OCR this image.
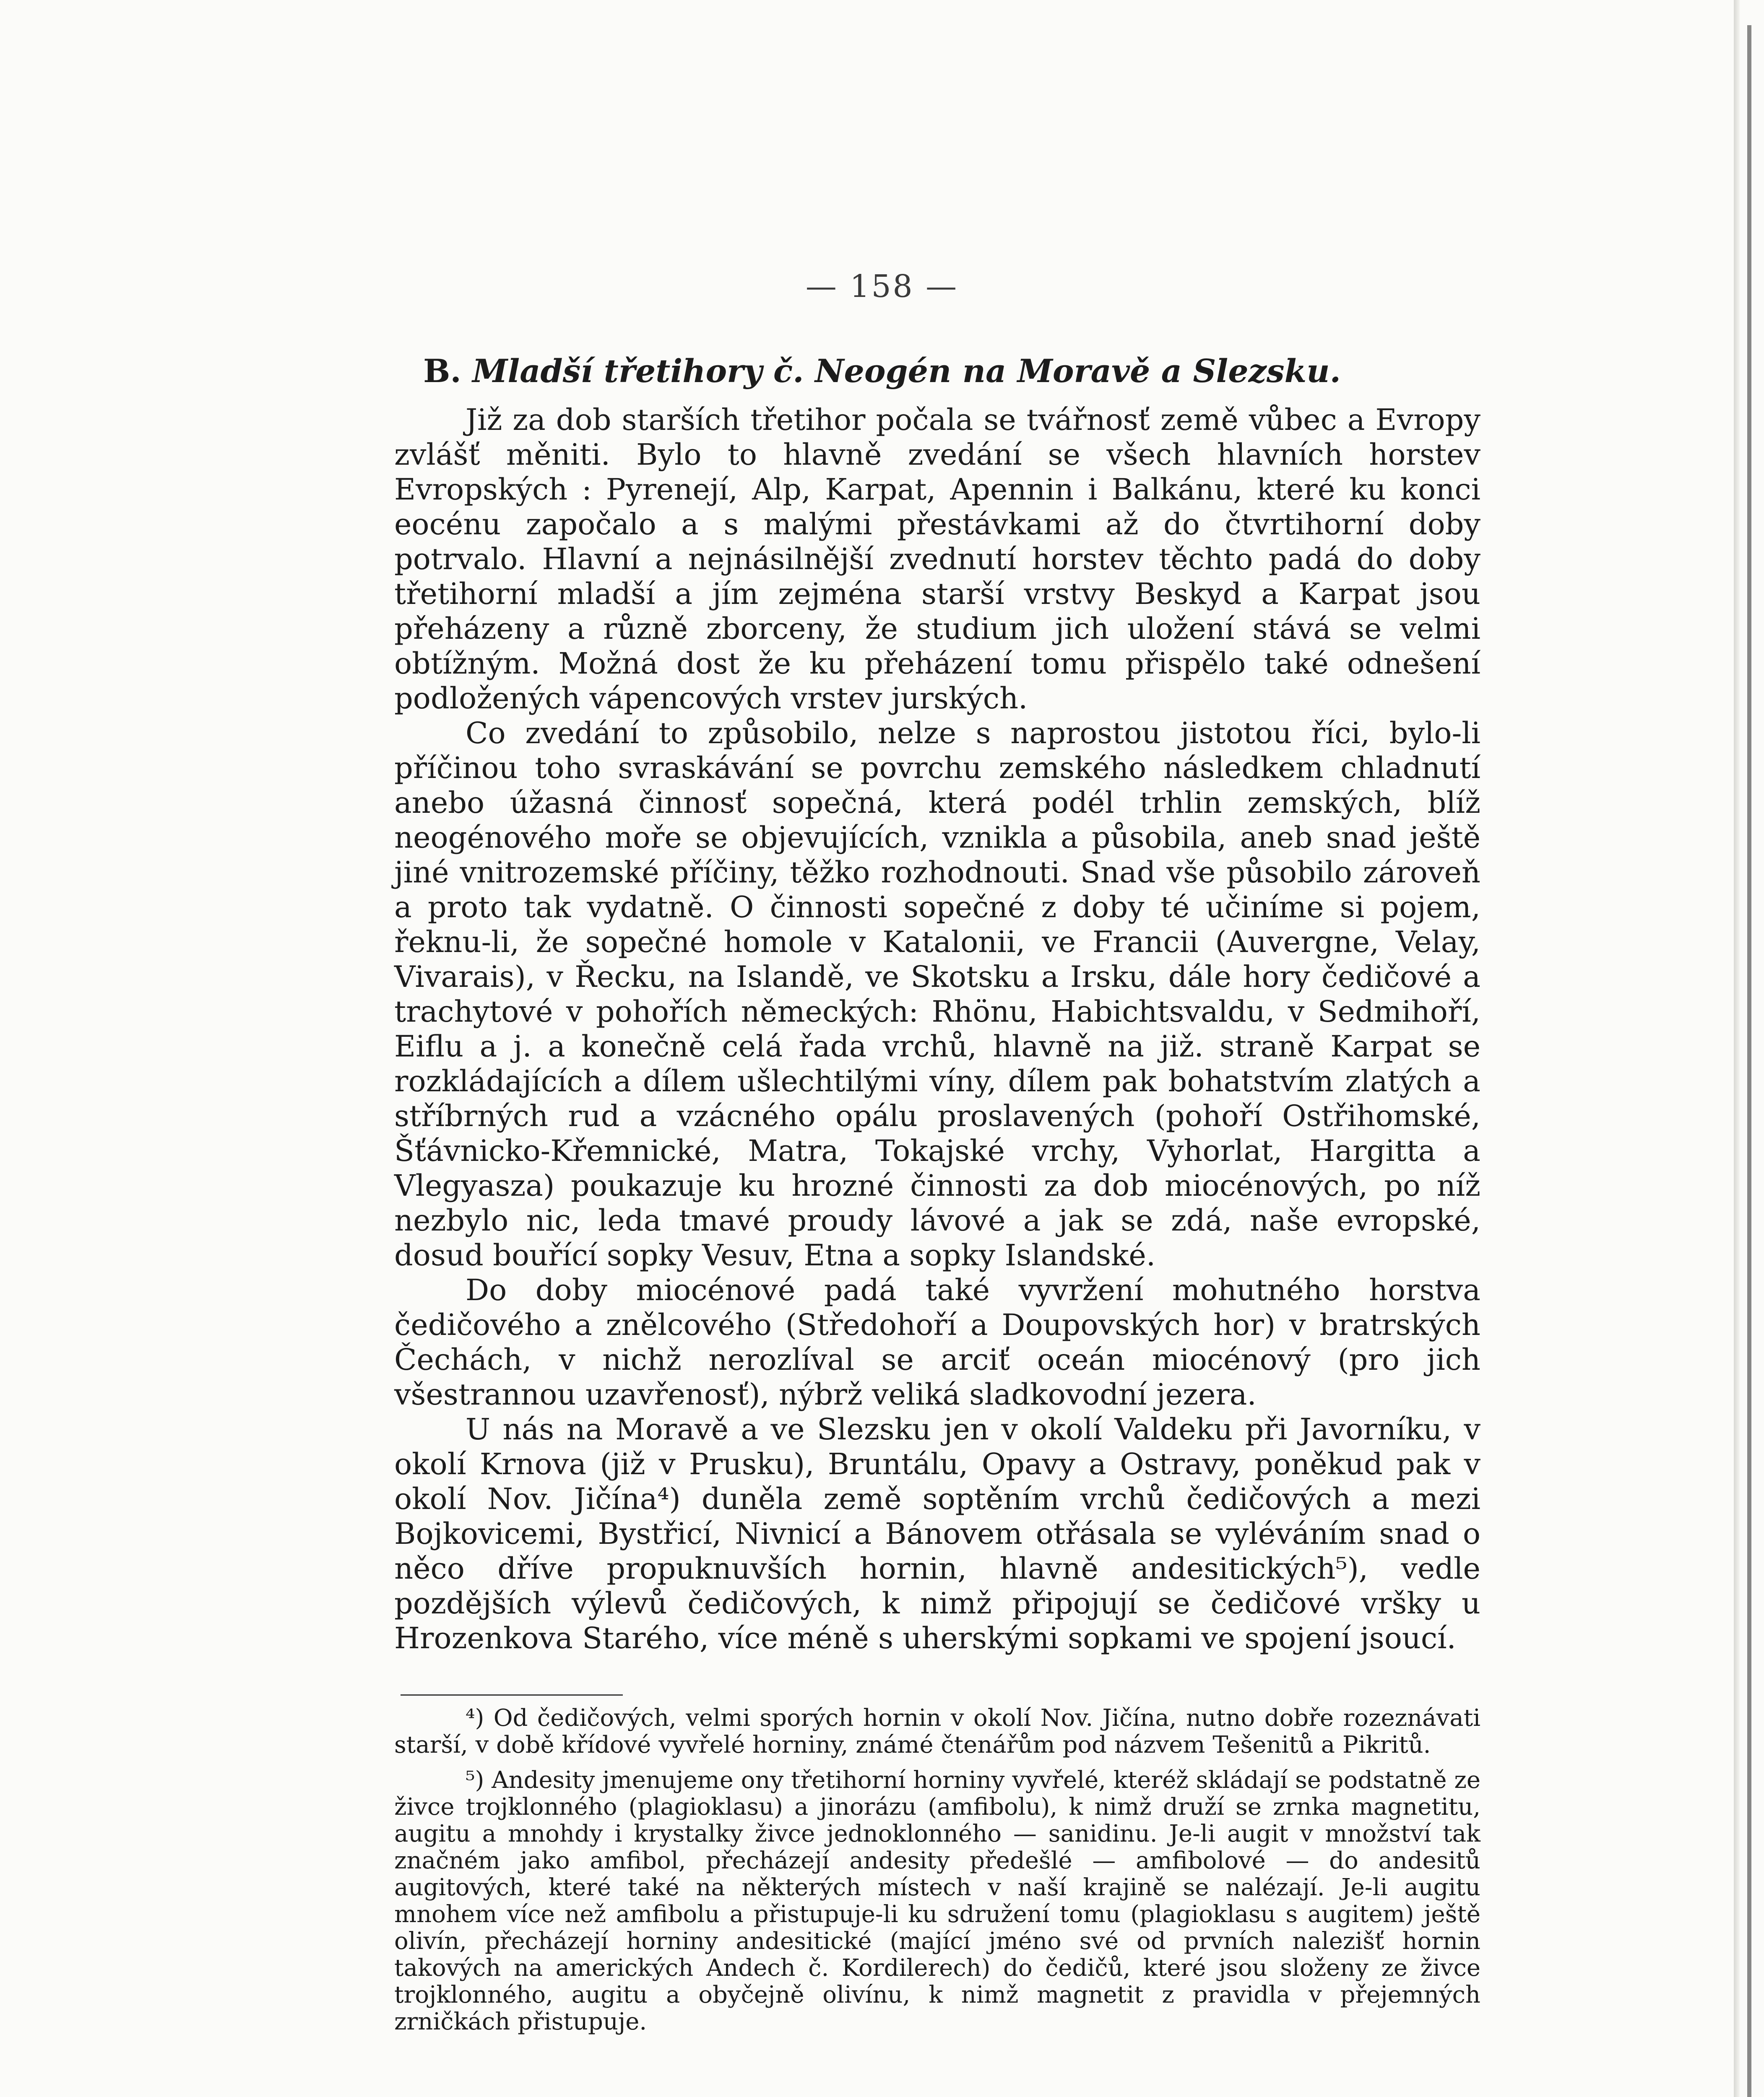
— 158 —
B. Mladší třetihory č. Neogén na Moravě a Slezsku.

Již za dob starších třetihor počala se tvářnosť země vůbec a Evropy zvlášť měniti. Bylo to hlavně zvedání se všech hlavních horstev Evropských : Pyrenejí, Alp, Karpat, Apennin i Balkánu, které ku konci eocénu započalo a s malými přestávkami až do čtvrtihorní doby potrvalo. Hlavní a nejnásilnější zvednutí horstev těchto padá do doby třetihorní mladší a jím zejména starší vrstvy Beskyd a Karpat jsou přeházeny a různě zborceny, že studium jich uložení stává se velmi obtížným. Možná dost že ku přeházení tomu přispělo také odnešení podložených vápencových vrstev jurských.

Co zvedání to způsobilo, nelze s naprostou jistotou říci, bylo-li příčinou toho svraskávání se povrchu zemského následkem chladnutí anebo úžasná činnosť sopečná, která podél trhlin zemských, blíž neogénového moře se objevujících, vznikla a působila, aneb snad ještě jiné vnitrozemské příčiny, těžko rozhodnouti. Snad vše působilo zároveň a proto tak vydatně. O činnosti sopečné z doby té učiníme si pojem, řeknu-li, že sopečné homole v Katalonii, ve Francii (Auvergne, Velay, Vivarais), v Řecku, na Islandě, ve Skotsku a Irsku, dále hory čedičové a trachytové v pohořích německých: Rhönu, Habichtsvaldu, v Sedmihoří, Eiflu a j. a konečně celá řada vrchů, hlavně na již. straně Karpat se rozkládajících a dílem ušlechtilými víny, dílem pak bohatstvím zlatých a stříbrných rud a vzácného opálu proslavených (pohoří Ostřihomské, Šťávnicko-Křemnické, Matra, Tokajské vrchy, Vyhorlat, Hargitta a Vlegyasza) poukazuje ku hrozné činnosti za dob miocénových, po níž nezbylo nic, leda tmavé proudy lávové a jak se zdá, naše evropské, dosud bouřící sopky Vesuv, Etna a sopky Islandské.

Do doby miocénové padá také vyvržení mohutného horstva čedičového a znělcového (Středohoří a Doupovských hor) v bratrských Čechách, v nichž nerozlíval se arciť oceán miocénový (pro jich všestrannou uzavřenosť), nýbrž veliká sladkovodní jezera.

U nás na Moravě a ve Slezsku jen v okolí Valdeku při Javorníku, v okolí Krnova (již v Prusku), Bruntálu, Opavy a Ostravy, poněkud pak v okolí Nov. Jičína⁴) duněla země soptěním vrchů čedičových a mezi Bojkovicemi, Bystřicí, Nivnicí a Bánovem otřásala se vyléváním snad o něco dříve propuknuvších hornin, hlavně andesitických⁵), vedle pozdějších výlevů čedičových, k nimž připojují se čedičové vršky u Hrozenkova Starého, více méně s uherskými sopkami ve spojení jsoucí.

⁴) Od čedičových, velmi sporých hornin v okolí Nov. Jičína, nutno dobře rozeznávati starší, v době křídové vyvřelé horniny, známé čtenářům pod názvem Tešenitů a Pikritů.

⁵) Andesity jmenujeme ony třetihorní horniny vyvřelé, kteréž skládají se podstatně ze živce trojklonného (plagioklasu) a jinorázu (amfibolu), k nimž druží se zrnka magnetitu, augitu a mnohdy i krystalky živce jednoklonného — sanidinu. Je-li augit v množství tak značném jako amfibol, přecházejí andesity předešlé — amfibolové — do andesitů augitových, které také na některých místech v naší krajině se nalézají. Je-li augitu mnohem více než amfibolu a přistupuje-li ku sdružení tomu (plagioklasu s augitem) ještě olivín, přecházejí horniny andesitické (mající jméno své od prvních nalezišť hornin takových na amerických Andech č. Kordilerech) do čedičů, které jsou složeny ze živce trojklonného, augitu a obyčejně olivínu, k nimž magnetit z pravidla v přejemných zrničkách přistupuje.
